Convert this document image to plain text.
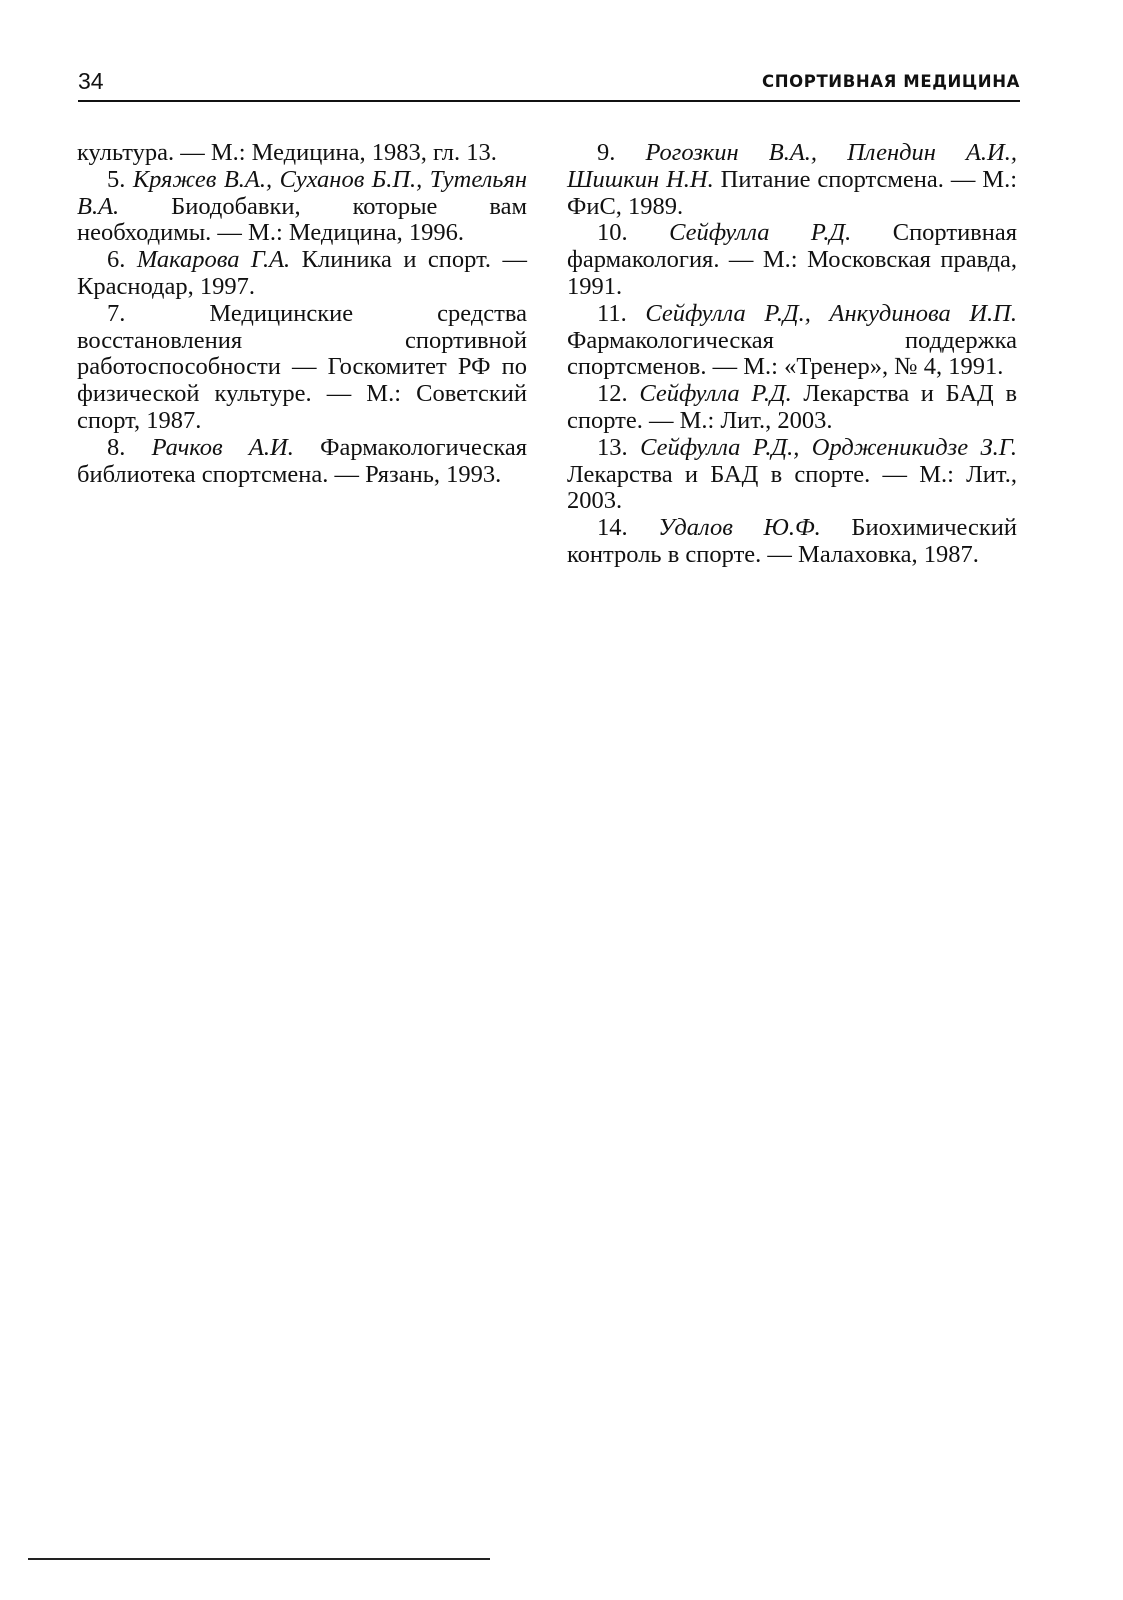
34	СПОРТИВНАЯ МЕДИЦИНА

культура. — М.: Медицина, 1983, гл. 13.

5. Кряжев В.А., Суханов Б.П., Тутельян В.А. Биодобавки, которые вам необходимы. — М.: Медицина, 1996.

6. Макарова Г.А. Клиника и спорт. — Краснодар, 1997.

7.	Медицинские средства восстановления спортивной работоспособности — Госкомитет РФ по физической культуре. — М.: Советский спорт, 1987.

8. Рачков А.И. Фармакологическая библиотека спортсмена. — Рязань, 1993.

9. Рогозкин В.А., Плендин А.И., Шишкин Н.Н. Питание спортсмена. — М.: ФиС, 1989.

10. Сейфулла Р.Д. Спортивная фармакология. — М.: Московская правда, 1991.

11. Сейфулла Р.Д., Анкудинова И.П. Фармакологическая поддержка спортсменов. — М.: «Тренер», № 4, 1991.

12. Сейфулла Р.Д. Лекарства и БАД в спорте. — М.: Лит., 2003.

13. Сейфулла Р.Д., Ордженикидзе З.Г. Лекарства и БАД в спорте. — М.: Лит., 2003.

14. Удалов Ю.Ф. Биохимический контроль в спорте. — Малаховка, 1987.
